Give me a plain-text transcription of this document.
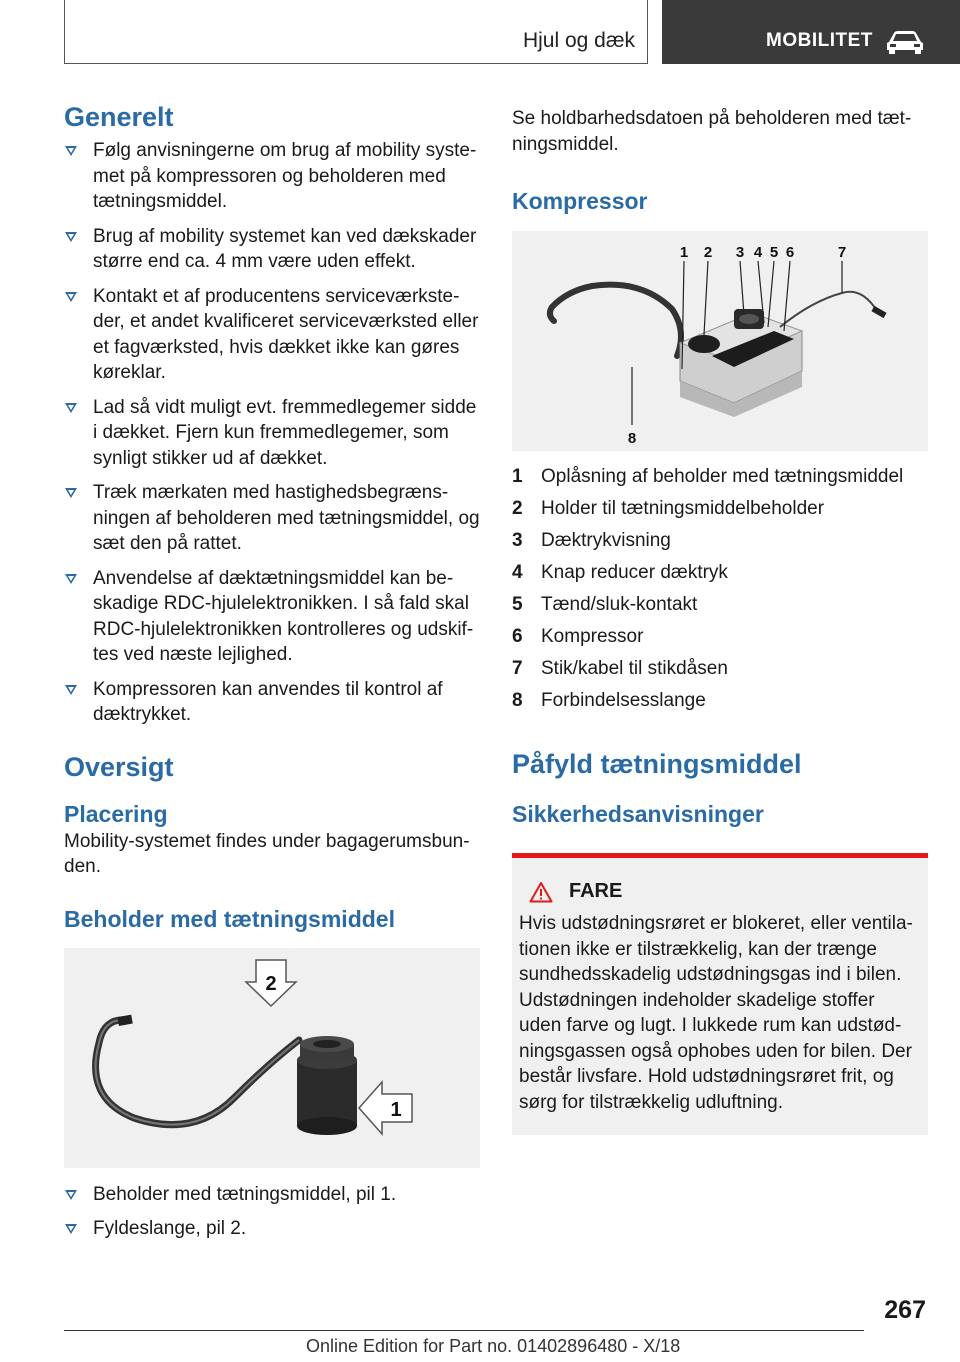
Hjul og dæk	MOBILITET
Generelt
Følg anvisningerne om brug af mobility syste-met på kompressoren og beholderen med tætningsmiddel.
Brug af mobility systemet kan ved dækskader større end ca. 4 mm være uden effekt.
Kontakt et af producentens serviceværkste-der, et andet kvalificeret serviceværksted eller et fagværksted, hvis dækket ikke kan gøres køreklar.
Lad så vidt muligt evt. fremmedlegemer sidde i dækket. Fjern kun fremmedlegemer, som synligt stikker ud af dækket.
Træk mærkaten med hastighedsbegræns-ningen af beholderen med tætningsmiddel, og sæt den på rattet.
Anvendelse af dæktætningsmiddel kan be-skadige RDC-hjulelektronikken. I så fald skal RDC-hjulelektronikken kontrolleres og udskif-tes ved næste lejlighed.
Kompressoren kan anvendes til kontrol af dæktrykket.
Oversigt
Placering

Mobility-systemet findes under bagagerumsbun-den.

Beholder med tætningsmiddel
2
1
Beholder med tætningsmiddel, pil 1.
Fyldeslange, pil 2.

Se holdbarhedsdatoen på beholderen med tæt-ningsmiddel.

Kompressor
1 2 3 4 5 6	7
8
1 Oplåsning af beholder med tætningsmiddel
2 Holder til tætningsmiddelbeholder
3 Dæktrykvisning
4 Knap reducer dæktryk
5 Tænd/sluk-kontakt
6 Kompressor
7 Stik/kabel til stikdåsen
8 Forbindelsesslange
Påfyld tætningsmiddel
Sikkerhedsanvisninger
FARE

Hvis udstødningsrøret er blokeret, eller ventila-tionen ikke er tilstrækkelig, kan der trænge sundhedsskadelig udstødningsgas ind i bilen. Udstødningen indeholder skadelige stoffer uden farve og lugt. I lukkede rum kan udstød-ningsgassen også ophobes uden for bilen. Der består livsfare. Hold udstødningsrøret frit, og sørg for tilstrækkelig udluftning.

267
Online Edition for Part no. 01402896480 - X/18
